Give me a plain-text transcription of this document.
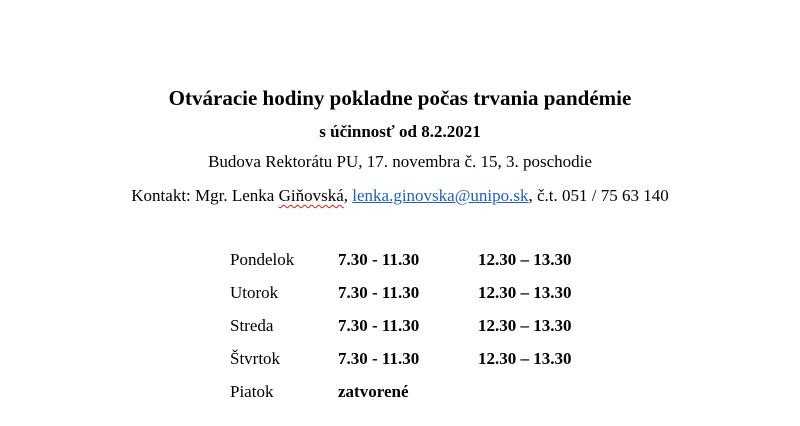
Otváracie hodiny pokladne počas trvania pandémie
s účinnosť od 8.2.2021
Budova Rektorátu PU, 17. novembra č. 15, 3. poschodie
Kontakt: Mgr. Lenka Giňovská, lenka.ginovska@unipo.sk, č.t. 051 / 75 63 140
Pondelok	7.30 - 11.30	12.30 – 13.30
Utorok	7.30 - 11.30	12.30 – 13.30
Streda	7.30 - 11.30	12.30 – 13.30
Štvrtok	7.30 - 11.30	12.30 – 13.30
Piatok	zatvorené	
